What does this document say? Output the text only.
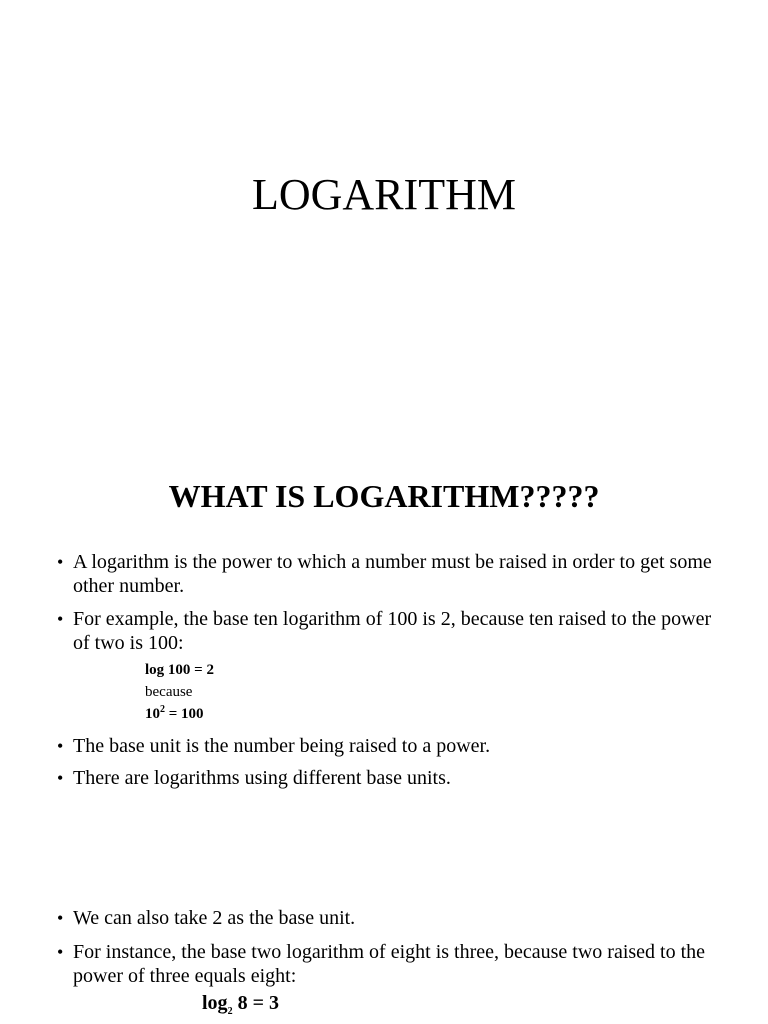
LOGARITHM
WHAT IS LOGARITHM?????
• A logarithm is the power to which a number must be raised in order to get some other number.
• For example, the base ten logarithm of 100 is 2, because ten raised to the power of two is 100:
log 100 = 2
because
$10^2 = 100$
• The base unit is the number being raised to a power.
• There are logarithms using different base units.
• We can also take 2 as the base unit.
• For instance, the base two logarithm of eight is three, because two raised to the power of three equals eight:
$\log_2 8 = 3$
